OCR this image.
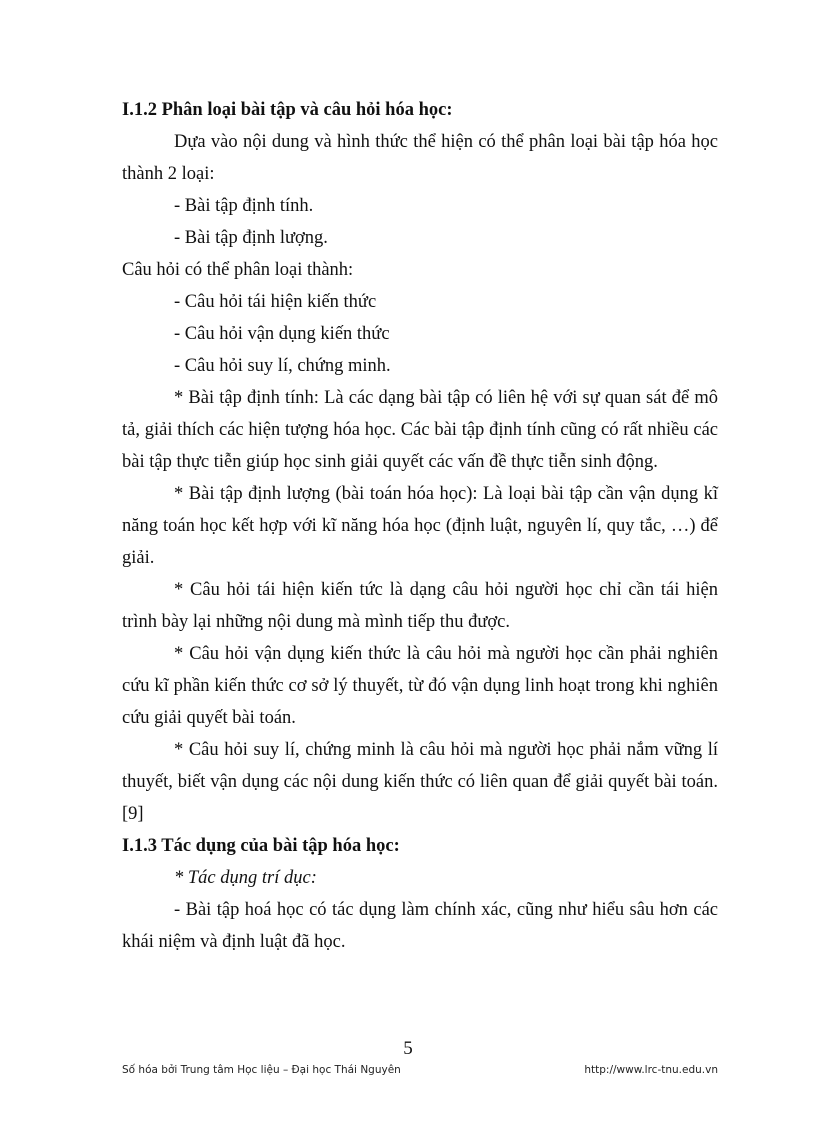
I.1.2 Phân loại bài tập và câu hỏi hóa học:

Dựa vào nội dung và hình thức thể hiện có thể phân loại bài tập hóa học thành 2 loại:

- Bài tập định tính.

- Bài tập định lượng.

Câu hỏi có thể phân loại thành:

- Câu hỏi tái hiện kiến thức

- Câu hỏi vận dụng kiến thức

- Câu hỏi suy lí, chứng minh.

* Bài tập định tính: Là các dạng bài tập có liên hệ với sự quan sát để mô tả, giải thích các hiện tượng hóa học. Các bài tập định tính cũng có rất nhiều các bài tập thực tiễn giúp học sinh giải quyết các vấn đề thực tiễn sinh động.

* Bài tập định lượng (bài toán hóa học): Là loại bài tập cần vận dụng kĩ năng toán học kết hợp với kĩ năng hóa học (định luật, nguyên lí, quy tắc, …) để giải.

* Câu hỏi tái hiện kiến tức là dạng câu hỏi người học chỉ cần tái hiện trình bày lại những nội dung mà mình tiếp thu được.

* Câu hỏi vận dụng kiến thức là câu hỏi mà người học cần phải nghiên cứu kĩ phần kiến thức cơ sở lý thuyết, từ đó vận dụng linh hoạt trong khi nghiên cứu giải quyết bài toán.

* Câu hỏi suy lí, chứng minh là câu hỏi mà người học phải nắm vững lí thuyết, biết vận dụng các nội dung kiến thức có liên quan để giải quyết bài toán.[9]

I.1.3 Tác dụng của bài tập hóa học:

* Tác dụng trí dục:

- Bài tập hoá học có tác dụng làm chính xác, cũng như hiểu sâu hơn các khái niệm và định luật đã học.

5
Số hóa bởi Trung tâm Học liệu – Đại học Thái Nguyên	http://www.lrc-tnu.edu.vn
